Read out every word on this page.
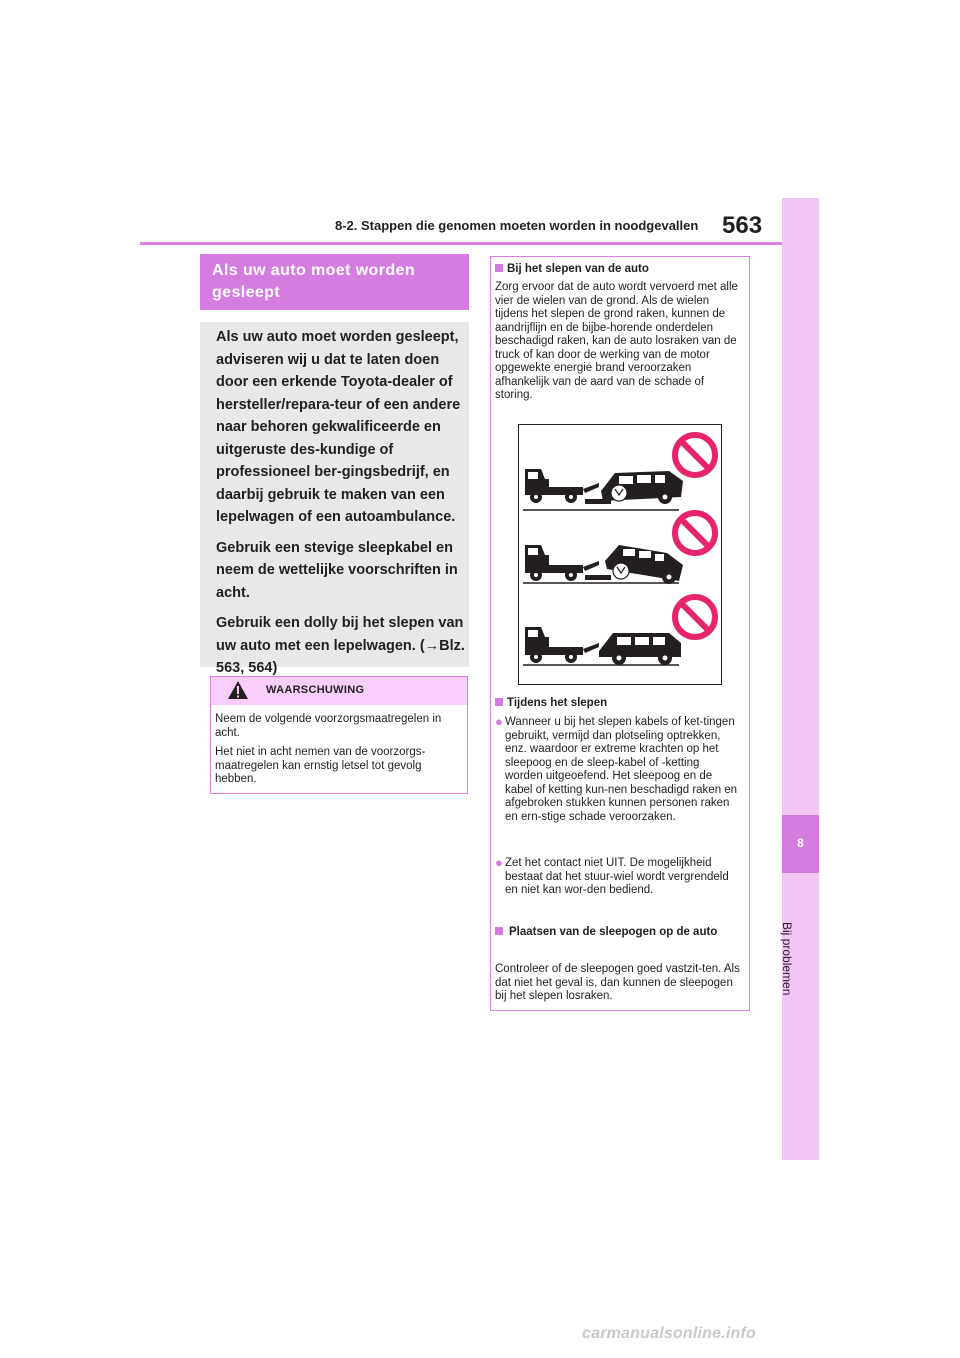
8-2. Stappen die genomen moeten worden in noodgevallen 563
8
Bij problemen
Als uw auto moet worden gesleept

Als uw auto moet worden gesleept, adviseren wij u dat te laten doen door een erkende Toyota-dealer of hersteller/repara-teur of een andere naar behoren gekwalificeerde en uitgeruste des-kundige of professioneel ber-gingsbedrijf, en daarbij gebruik te maken van een lepelwagen of een autoambulance.

Gebruik een stevige sleepkabel en neem de wettelijke voorschriften in acht.

Gebruik een dolly bij het slepen van uw auto met een lepelwagen. (→Blz. 563, 564)

WAARSCHUWING

Neem de volgende voorzorgsmaatregelen in acht.

Het niet in acht nemen van de voorzorgs-maatregelen kan ernstig letsel tot gevolg hebben.

Bij het slepen van de auto
Zorg ervoor dat de auto wordt vervoerd met alle vier de wielen van de grond. Als de wielen tijdens het slepen de grond raken, kunnen de aandrijflijn en de bijbe-horende onderdelen beschadigd raken, kan de auto losraken van de truck of kan door de werking van de motor opgewekte energie brand veroorzaken afhankelijk van de aard van de schade of storing.
Tijdens het slepen
● Wanneer u bij het slepen kabels of ket-tingen gebruikt, vermijd dan plotseling optrekken, enz. waardoor er extreme krachten op het sleepoog en de sleep-kabel of -ketting worden uitgeoefend. Het sleepoog en de kabel of ketting kun-nen beschadigd raken en afgebroken stukken kunnen personen raken en ern-stige schade veroorzaken.
● Zet het contact niet UIT. De mogelijkheid bestaat dat het stuur-wiel wordt vergrendeld en niet kan wor-den bediend.
Plaatsen van de sleepogen op de auto
Controleer of de sleepogen goed vastzit-ten. Als dat niet het geval is, dan kunnen de sleepogen bij het slepen losraken.
carmanualsonline.info
